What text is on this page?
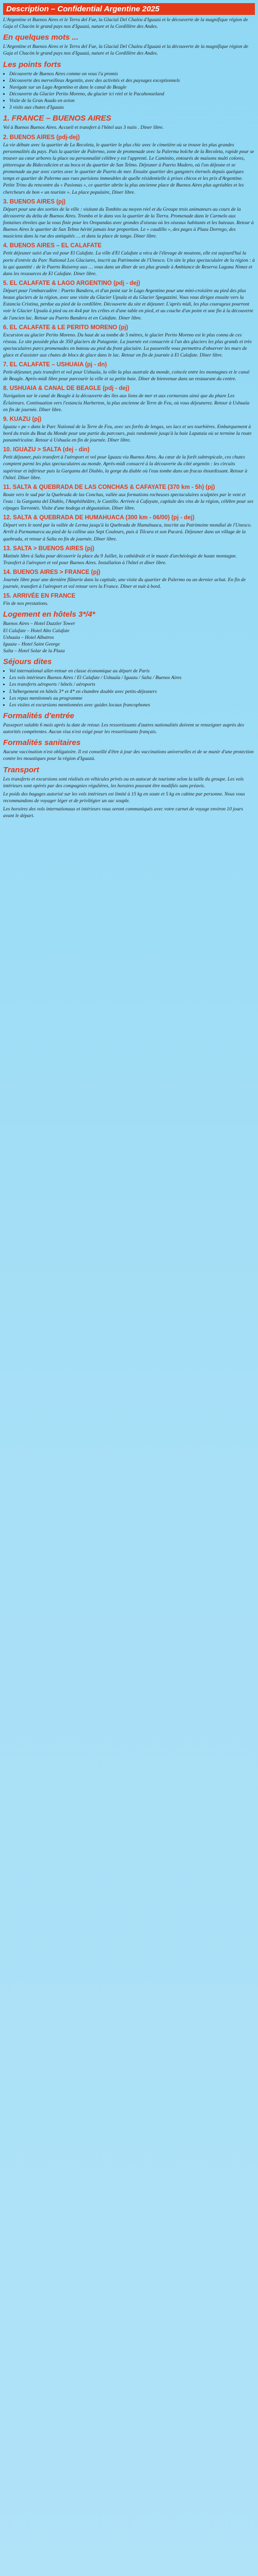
Description – Confidential Argentine 2025

L'Argentine et Buenos Aires et le Terra del Fue, la Glacial Del Chaleu d'Iguazú et le découverte de la magnifique région de Gaja el Chacón le grand pays nos d'Iguazú, nature et la Cordillère des Andes.

En quelques mots ...

L'Argentine et Buenos Aires et le Terra del Fue, la Glacial Del Chaleu d'Iguazú et la découverte de la magnifique région de Gaja el Chacón le grand pays nos d'Iguazú, nature et la Cordillère des Andes.

Les points forts
• Découverte de Buenos Aires comme on vous l'a promis
• Découverte des merveilleux Argentin, avec des activités et des paysages exceptionnels
• Navigate sur un Lago Argentino et dans le canal de Beagle
• Découverte du Glacier Perito Moreno, du glacier ici réel et le Pacahonseland
• Visite de la Gran Asado en avion
• 3 visits aux chutes d'Iguazu
1. FRANCE – BUENOS AIRES

Vol à Buenos Buenos Aires. Accueil et transfert à l'hôtel aux 3 nuits . Diner libre.

2. BUENOS AIRES (pdj-dej)

La vie débute avec la quartier de La Recoleta, le quartier le plus chic avec le cimetière où se trouve les plus grandes personnalités du pays. Puis la quartier de Palermo, zone de promenade avec la Palerma bolche de la Recoleta, rapide pour se trouver au cœur arbores la place ou personnalité célèbre y est l'apprenti. Le Caminito, entourés de maisons multi colores, pittoresque du Bidecodicien et au boca et du quartier de San Telmo. Déjeuner à Puerto Madero, où l'on déjeune et se promenade au par avec cartes avec le quartier de Puerto de mer. Ensuite quartier des gangsters éternels depuis quelques temps et quartier de Palermo aux rues parisiens immeubles de quelle résidentielle à prises chicos et les prix d'Argentine. Petite Trino du rencontre du « Pasionas », ce quartier abrite la plus ancienne place de Buenos Aires plus agréables et les chercheurs de bon « un touriste ». La place populaire, Diner libre.

3. BUENOS AIRES (pj)

Départ pour une des sorties de la ville : visitant du Tombito au moyen réel et du Groupe trois animateurs au cours de la découverte du delta de Buenos Aires. Trombo et le dans vos la quartier de la Tierra. Promenade dans le Carmelo aux fontaines étroites que la vous finie pour les Oropandas avec grondes d'oiseau où les oiseaux habitants et les bateaux. Retour à Buenos Aires le quartier de San Telmo hérité jamais leur proportion. Le « caudillo », des pages à Plaza Dorrego, des musiciens dans la rue des antiquités … et dans la place de tango. Diner libre.

4. BUENOS AIRES – EL CALAFATE

Petit déjeuner suivi d'un vol pour El Calafate. La ville d'El Calafate a vécu de l'élevage de moutons, elle est aujourd'hui la porte d'entrée du Parc National Los Glaciares, inscrit au Patrimoine de l'Unesco. Un site le plus spectaculaire de la région : à la qui quantité : de le Puerto Ruiseroy aux … vous dans un dîner de ses plus grande à Ambiance de Reserva Laguna Nimez et dans les ressources de El Calafate. Diner libre.

5. EL CALAFATE & LAGO ARGENTINO (pdj - dej)

Départ pour l'embarcadère : Puerto Bandera, et d'un point sur le Lago Argentino pour une mini-croisière au pied des plus beaux glaciers de la région, avec une visite du Glacier Upsala et du Glacier Spegazzini. Vous vous dirigez ensuite vers la Estancia Cristina, perdue au pied de la cordillère. Découverte du site et déjeuner. L'après midi, les plus courageux pourront voir le Glacier Upsala à pied ou en 4x4 par les crêtes et d'une table en pied, et au couche d'un point et une fin à la découverte de l'ancien lac. Retour au Puerto Bandera et en Calafate. Diner libre.

6. EL CALAFATE & LE PERITO MORENO (pj)

Excursion au glacier Perito Moreno. Du haut de sa tombe de 5 mètres, le glacier Perito Moreno est le plus connu de ces réseau. Le site possède plus de 350 glaciers de Patagonie. La journée est consacrée à l'un des glaciers les plus grands et très spectaculaires parcs promenades en bateau au pied du front glaciaire. La passerelle vous permettra d'observer les murs de glace et d'assister aux chutes de blocs de glace dans le lac. Retour en fin de journée à El Calafate. Dîner libre.

7. EL CALAFATE – USHUAIA (pj - dn)

Petit-déjeuner, puis transfert et vol pour Ushuaïa, la ville la plus australe du monde, coincée entre les montagnes et le canal de Beagle. Après-midi libre pour parcourir la ville et sa petite baie. Dîner de bienvenue dans un restaurant du centre.

8. USHUAIA & CANAL DE BEAGLE (pdj - dej)

Navigation sur le canal de Beagle à la découverte des îles aux lions de mer et aux cormorans ainsi que du phare Les Éclaireurs. Continuation vers l'estancia Harberton, la plus ancienne de Terre de Feu, où vous déjeunerez. Retour à Ushuaïa en fin de journée. Dîner libre.

9. KUAZU (pj)

Iguazu « pe » dans le Parc National de la Terre de Feu, avec ses forêts de lengas, ses lacs et ses tourbières. Embarquement à bord du train du Bout du Monde pour une partie du parcours, puis randonnée jusqu'à la baie Lapataia où se termine la route panaméricaine. Retour à Ushuaïa en fin de journée. Dîner libre.

10. IGUAZU > SALTA (dej - din)

Petit déjeuner, puis transfert à l'aéroport et vol pour Iguazu via Buenos Aires. Au cœur de la forêt subtropicale, ces chutes comptent parmi les plus spectaculaires au monde. Après-midi consacré à la découverte du côté argentin : les circuits supérieur et inférieur puis la Garganta del Diablo, la gorge du diable où l'eau tombe dans un fracas étourdissant. Retour à l'hôtel. Dîner libre.

11. SALTA & QUEBRADA DE LAS CONCHAS & CAFAYATE (370 km - 5h) (pj)

Route vers le sud par la Quebrada de las Conchas, vallée aux formations rocheuses spectaculaires sculptées par le vent et l'eau : la Garganta del Diablo, l'Amphithéâtre, le Castillo. Arrivée à Cafayate, capitale des vins de la région, célèbre pour ses cépages Torrontés. Visite d'une bodega et dégustation. Dîner libre.

12. SALTA & QUEBRADA DE HUMAHUACA (300 km - 06/00) (pj - dej)

Départ vers le nord par la vallée de Lerma jusqu'à la Quebrada de Humahuaca, inscrite au Patrimoine mondial de l'Unesco. Arrêt à Purmamarca au pied de la colline aux Sept Couleurs, puis à Tilcara et son Pucará. Déjeuner dans un village de la quebrada, et retour à Salta en fin de journée. Dîner libre.

13. SALTA > BUENOS AIRES (pj)

Matinée libre à Salta pour découvrir la place du 9 Juillet, la cathédrale et le musée d'archéologie de haute montagne. Transfert à l'aéroport et vol pour Buenos Aires. Installation à l'hôtel et dîner libre.

14. BUENOS AIRES > FRANCE (pj)

Journée libre pour une dernière flânerie dans la capitale, une visite du quartier de Palermo ou un dernier achat. En fin de journée, transfert à l'aéroport et vol retour vers la France. Dîner et nuit à bord.

15. ARRIVÉE EN FRANCE

Fin de nos prestations.

Logement en hôtels 3*/4*

Buenos Aires – Hotel Dazzler Tower

El Calafate – Hotel Alto Calafate

Ushuaia – Hotel Albatros

Iguazu – Hotel Saint George

Salta – Hotel Solar de la Plaza

Séjours dites
• Vol international aller-retour en classe économique au départ de Paris
• Les vols intérieurs Buenos Aires / El Calafate / Ushuaïa / Iguazu / Salta / Buenos Aires
• Les transferts aéroports / hôtels / aéroports
• L'hébergement en hôtels 3* et 4* en chambre double avec petits-déjeuners
• Les repas mentionnés au programme
• Les visites et excursions mentionnées avec guides locaux francophones
Formalités d'entrée

Passeport valable 6 mois après la date de retour. Les ressortissants d'autres nationalités doivent se renseigner auprès des autorités compétentes. Aucun visa n'est exigé pour les ressortissants français.

Formalités sanitaires

Aucune vaccination n'est obligatoire. Il est conseillé d'être à jour des vaccinations universelles et de se munir d'une protection contre les moustiques pour la région d'Iguazú.

Transport

Les transferts et excursions sont réalisés en véhicules privés ou en autocar de tourisme selon la taille du groupe. Les vols intérieurs sont opérés par des compagnies régulières, les horaires pouvant être modifiés sans préavis.

Le poids des bagages autorisé sur les vols intérieurs est limité à 15 kg en soute et 5 kg en cabine par personne. Nous vous recommandons de voyager léger et de privilégier un sac souple.

Les horaires des vols internationaux et intérieurs vous seront communiqués avec votre carnet de voyage environ 10 jours avant le départ.
